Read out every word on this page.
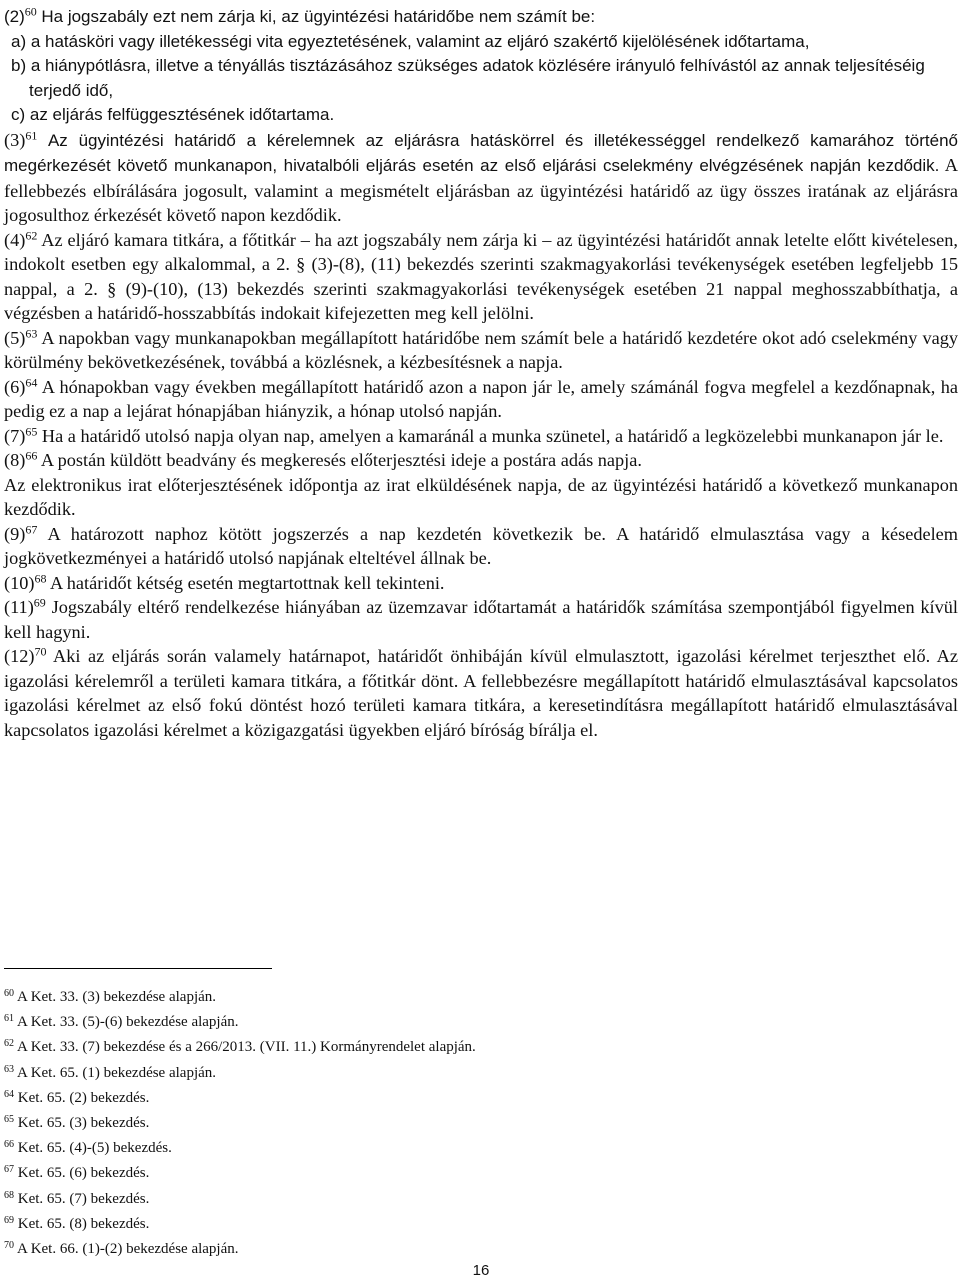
$(2)^{60}$ Ha jogszabály ezt nem zárja ki, az ügyintézési határidőbe nem számít be:

a) a hatásköri vagy illetékességi vita egyeztetésének, valamint az eljáró szakértő kijelölésének időtartama,

b) a hiánypótlásra, illetve a tényállás tisztázásához szükséges adatok közlésére irányuló felhívástól az annak teljesítéséig terjedő idő,

c) az eljárás felfüggesztésének időtartama.

$(3)^{61}$ Az ügyintézési határidő a kérelemnek az eljárásra hatáskörrel és illetékességgel rendelkező kamarához történő megérkezését követő munkanapon, hivatalbóli eljárás esetén az első eljárási cselekmény elvégzésének napján kezdődik. A fellebbezés elbírálására jogosult, valamint a megismételt eljárásban az ügyintézési határidő az ügy összes iratának az eljárásra jogosulthoz érkezését követő napon kezdődik.

$(4)^{62}$ Az eljáró kamara titkára, a főtitkár – ha azt jogszabály nem zárja ki – az ügyintézési határidőt annak letelte előtt kivételesen, indokolt esetben egy alkalommal, a 2. § (3)-(8), (11) bekezdés szerinti szakmagyakorlási tevékenységek esetében legfeljebb 15 nappal, a 2. § (9)-(10), (13) bekezdés szerinti szakmagyakorlási tevékenységek esetében 21 nappal meghosszabbíthatja, a végzésben a határidő-hosszabbítás indokait kifejezetten meg kell jelölni.

$(5)^{63}$ A napokban vagy munkanapokban megállapított határidőbe nem számít bele a határidő kezdetére okot adó cselekmény vagy körülmény bekövetkezésének, továbbá a közlésnek, a kézbesítésnek a napja.

$(6)^{64}$ A hónapokban vagy években megállapított határidő azon a napon jár le, amely számánál fogva megfelel a kezdőnapnak, ha pedig ez a nap a lejárat hónapjában hiányzik, a hónap utolsó napján.

$(7)^{65}$ Ha a határidő utolsó napja olyan nap, amelyen a kamaránál a munka szünetel, a határidő a legközelebbi munkanapon jár le.

$(8)^{66}$ A postán küldött beadvány és megkeresés előterjesztési ideje a postára adás napja.

Az elektronikus irat előterjesztésének időpontja az irat elküldésének napja, de az ügyintézési határidő a következő munkanapon kezdődik.

$(9)^{67}$ A határozott naphoz kötött jogszerzés a nap kezdetén következik be. A határidő elmulasztása vagy a késedelem jogkövetkezményei a határidő utolsó napjának elteltével állnak be.

$(10)^{68}$ A határidőt kétség esetén megtartottnak kell tekinteni.

$(11)^{69}$ Jogszabály eltérő rendelkezése hiányában az üzemzavar időtartamát a határidők számítása szempontjából figyelmen kívül kell hagyni.

$(12)^{70}$ Aki az eljárás során valamely határnapot, határidőt önhibáján kívül elmulasztott, igazolási kérelmet terjeszthet elő. Az igazolási kérelemről a területi kamara titkára, a főtitkár dönt. A fellebbezésre megállapított határidő elmulasztásával kapcsolatos igazolási kérelmet az első fokú döntést hozó területi kamara titkára, a keresetindításra megállapított határidő elmulasztásával kapcsolatos igazolási kérelmet a közigazgatási ügyekben eljáró bíróság bírálja el.

$^{60}$ A Ket. 33. (3) bekezdése alapján.

$^{61}$ A Ket. 33. (5)-(6) bekezdése alapján.

$^{62}$ A Ket. 33. (7) bekezdése és a 266/2013. (VII. 11.) Kormányrendelet alapján.

$^{63}$ A Ket. 65. (1) bekezdése alapján.

$^{64}$ Ket. 65. (2) bekezdés.

$^{65}$ Ket. 65. (3) bekezdés.

$^{66}$ Ket. 65. (4)-(5) bekezdés.

$^{67}$ Ket. 65. (6) bekezdés.

$^{68}$ Ket. 65. (7) bekezdés.

$^{69}$ Ket. 65. (8) bekezdés.

$^{70}$ A Ket. 66. (1)-(2) bekezdése alapján.

16
